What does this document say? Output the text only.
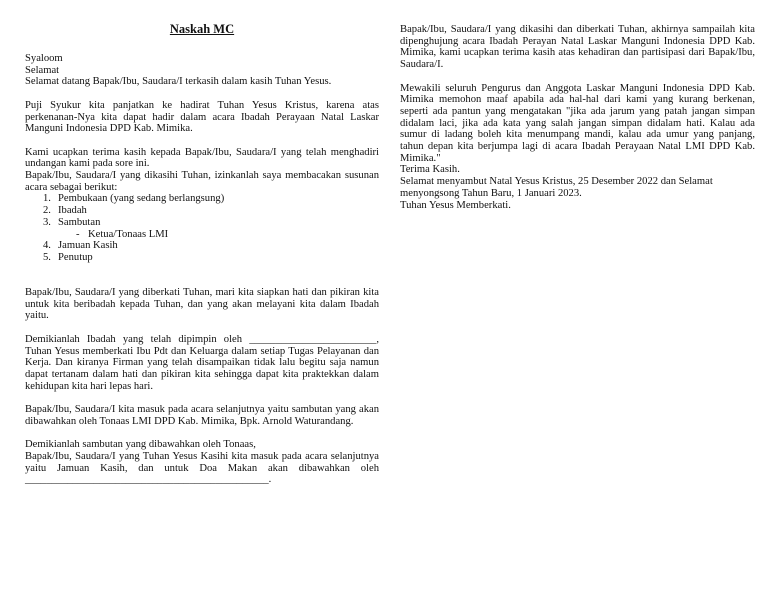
Naskah MC

Syaloom

Selamat

Selamat datang Bapak/Ibu, Saudara/I terkasih dalam kasih Tuhan Yesus.

Puji Syukur kita panjatkan ke hadirat Tuhan Yesus Kristus, karena atas perkenanan-Nya kita dapat hadir dalam acara Ibadah Perayaan Natal Laskar Manguni Indonesia DPD Kab. Mimika.

Kami ucapkan terima kasih kepada Bapak/Ibu, Saudara/I yang telah menghadiri undangan kami pada sore ini.

Bapak/Ibu, Saudara/I yang dikasihi Tuhan, izinkanlah saya membacakan susunan acara sebagai berikut:

1. Pembukaan (yang sedang berlangsung)
2. Ibadah
3. Sambutan
- Ketua/Tonaas LMI
4. Jamuan Kasih
5. Penutup

Bapak/Ibu, Saudara/I yang diberkati Tuhan, mari kita siapkan hati dan pikiran kita untuk kita beribadah kepada Tuhan, dan yang akan melayani kita dalam Ibadah yaitu.

Demikianlah Ibadah yang telah dipimpin oleh ________________________, Tuhan Yesus memberkati Ibu Pdt dan Keluarga dalam setiap Tugas Pelayanan dan Kerja. Dan kiranya Firman yang telah disampaikan tidak lalu begitu saja namun dapat tertanam dalam hati dan pikiran kita sehingga dapat kita praktekkan dalam kehidupan kita hari lepas hari.

Bapak/Ibu, Saudara/I kita masuk pada acara selanjutnya yaitu sambutan yang akan dibawahkan oleh Tonaas LMI DPD Kab. Mimika, Bpk. Arnold Waturandang.

Demikianlah sambutan yang dibawahkan oleh Tonaas,

Bapak/Ibu, Saudara/I yang Tuhan Yesus Kasihi kita masuk pada acara selanjutnya yaitu Jamuan Kasih, dan untuk Doa Makan akan dibawahkan oleh ______________________________________________.

Bapak/Ibu, Saudara/I yang dikasihi dan diberkati Tuhan, akhirnya sampailah kita dipenghujung acara Ibadah Perayan Natal Laskar Manguni Indonesia DPD Kab. Mimika, kami ucapkan terima kasih atas kehadiran dan partisipasi dari Bapak/Ibu, Saudara/I.

Mewakili seluruh Pengurus dan Anggota Laskar Manguni Indonesia DPD Kab. Mimika memohon maaf apabila ada hal-hal dari kami yang kurang berkenan, seperti ada pantun yang mengatakan "jika ada jarum yang patah jangan simpan didalam laci, jika ada kata yang salah jangan simpan didalam hati. Kalau ada sumur di ladang boleh kita menumpang mandi, kalau ada umur yang panjang, tahun depan kita berjumpa lagi di acara Ibadah Perayaan Natal LMI DPD Kab. Mimika."

Terima Kasih.

Selamat menyambut Natal Yesus Kristus, 25 Desember 2022 dan Selamat menyongsong Tahun Baru, 1 Januari 2023.

Tuhan Yesus Memberkati.
